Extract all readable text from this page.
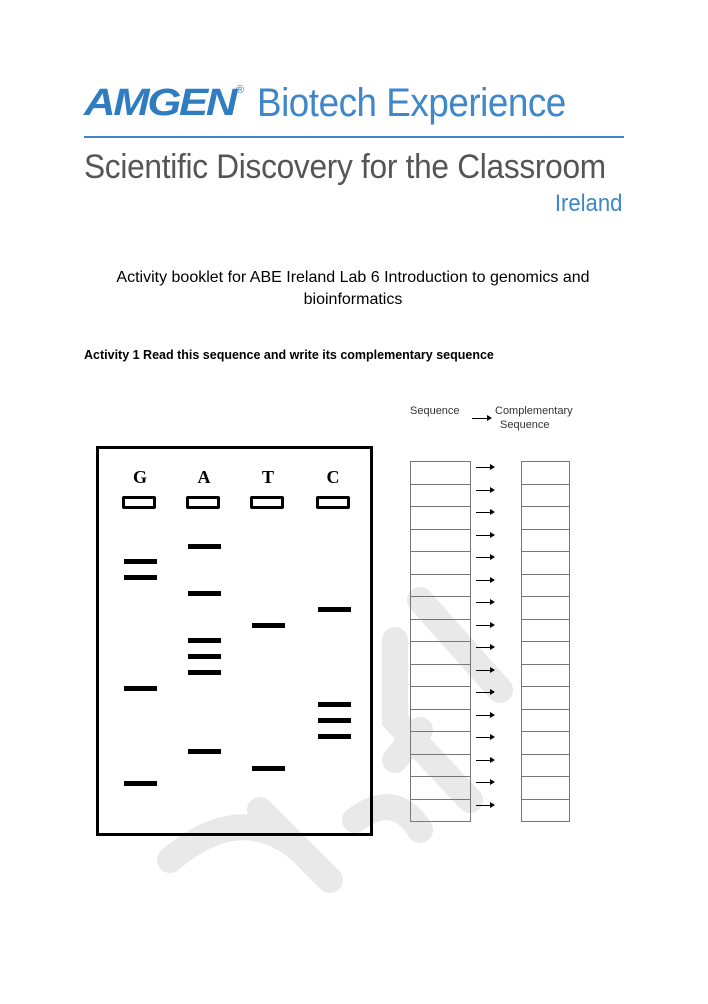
AMGEN ® Biotech Experience
Scientific Discovery for the Classroom
Ireland
Activity booklet for ABE Ireland Lab 6 Introduction to genomics and bioinformatics
Activity 1 Read this sequence and write its complementary sequence
G	A	T	C
Sequence	Complementary
Sequence
